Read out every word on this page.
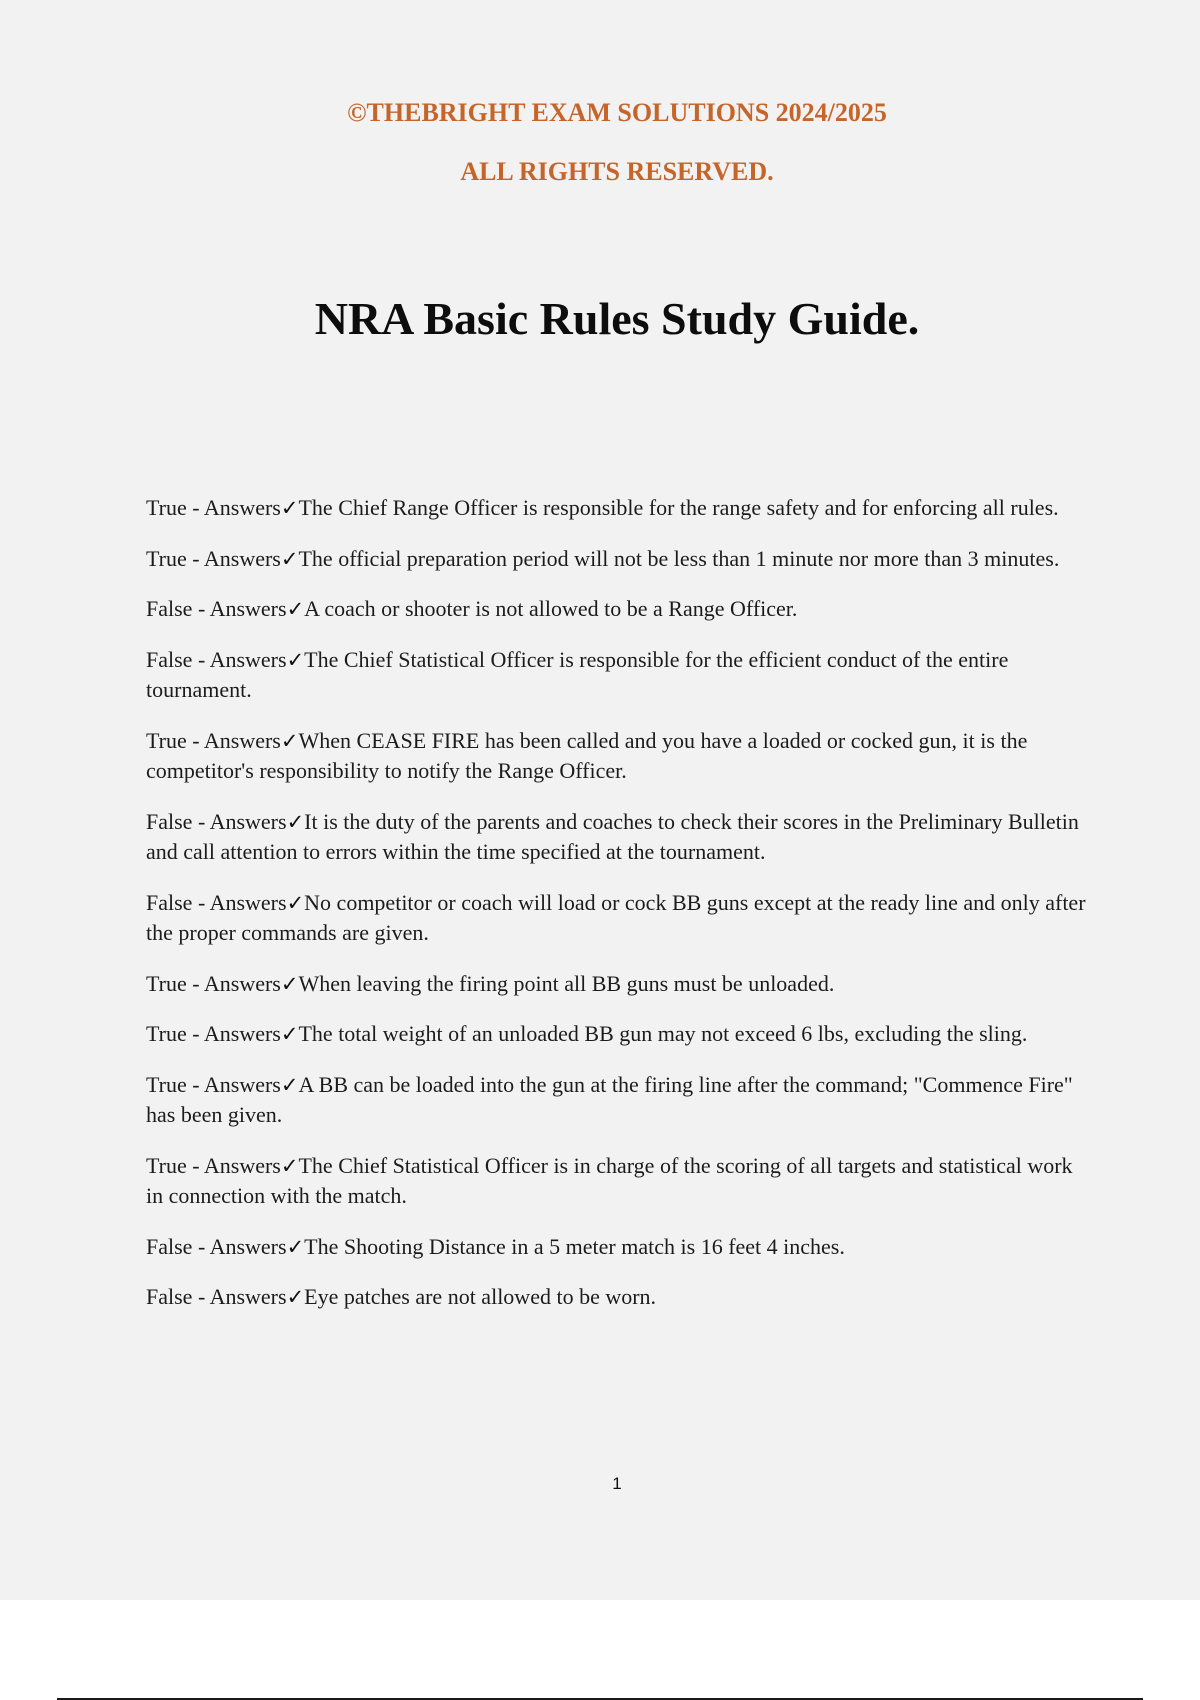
©THEBRIGHT EXAM SOLUTIONS 2024/2025

ALL RIGHTS RESERVED.

NRA Basic Rules Study Guide.
True - Answers✓The Chief Range Officer is responsible for the range safety and for enforcing all rules.
True - Answers✓The official preparation period will not be less than 1 minute nor more than 3 minutes.
False - Answers✓A coach or shooter is not allowed to be a Range Officer.
False - Answers✓The Chief Statistical Officer is responsible for the efficient conduct of the entire tournament.
True - Answers✓When CEASE FIRE has been called and you have a loaded or cocked gun, it is the competitor's responsibility to notify the Range Officer.
False - Answers✓It is the duty of the parents and coaches to check their scores in the Preliminary Bulletin and call attention to errors within the time specified at the tournament.
False - Answers✓No competitor or coach will load or cock BB guns except at the ready line and only after the proper commands are given.
True - Answers✓When leaving the firing point all BB guns must be unloaded.
True - Answers✓The total weight of an unloaded BB gun may not exceed 6 lbs, excluding the sling.
True - Answers✓A BB can be loaded into the gun at the firing line after the command; "Commence Fire" has been given.
True - Answers✓The Chief Statistical Officer is in charge of the scoring of all targets and statistical work in connection with the match.
False - Answers✓The Shooting Distance in a 5 meter match is 16 feet 4 inches.
False - Answers✓Eye patches are not allowed to be worn.
1
